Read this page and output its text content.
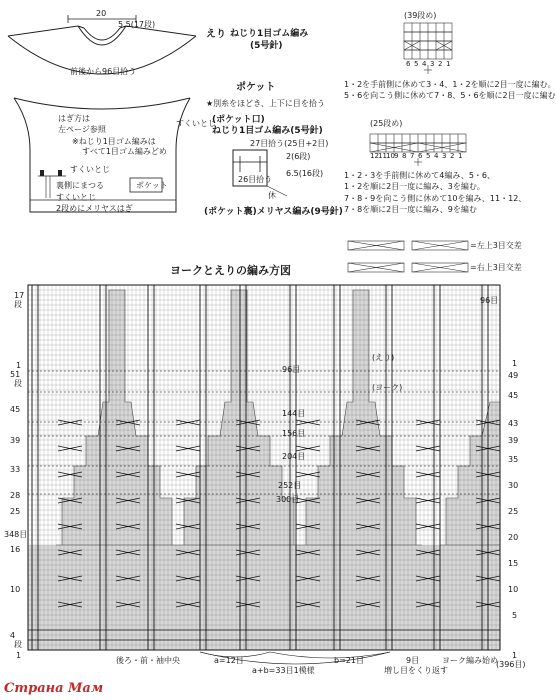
20
5.5(17段)
前後から96目拾う
はぎ方は
左ページ参照
※ねじり1目ゴム編みは
すべて1目ゴム編みどめ
すくいとじ
すくいとじ
裏側にまつる	ポケット
すくいとじ
2段めにメリヤスはぎ
えり ねじり1目ゴム編み
(5号針)
ポケット
★別糸をほどき、上下に目を拾う
(ポケット口)
ねじり1目ゴム編み(5号針)
27目拾う(25目+2目)
2(6段)
6.5(16段)
26目拾う
休
(ポケット裏)メリヤス編み(9号針)
(39段め)
6 5 4 3 2 1
1・2を手前側に休めて3・4、1・2を順に2目一度に編む。
5・6を向こう側に休めて7・8、5・6を順に2目一度に編む
(25段め)
12 11 10 9 8 7 6 5 4 3 2 1
1・2・3を手前側に休めて4編み、5・6、
1・2を順に2目一度に編み、3を編む。
7・8・9を向こう側に休めて10を編み、11・12、
7・8を順に2目一度に編み、9を編む
=左上3目交差
=右上3目交差
ヨークとえりの編み方図
17
段
1
51
段
45
39
33
28
25
348目
16
10
4
段
1
1
49
45
43
39
35
30
25
20
15
10
5
1
96目
96目
144目
156目
204目
252目
300目
(えり)
(ヨーク)
後ろ・前・袖中央	a=12目
a+b=33目1模様
b=21目	9目	ヨーク編み始め
(396目)
増し目をくり返す
Страна Мам
